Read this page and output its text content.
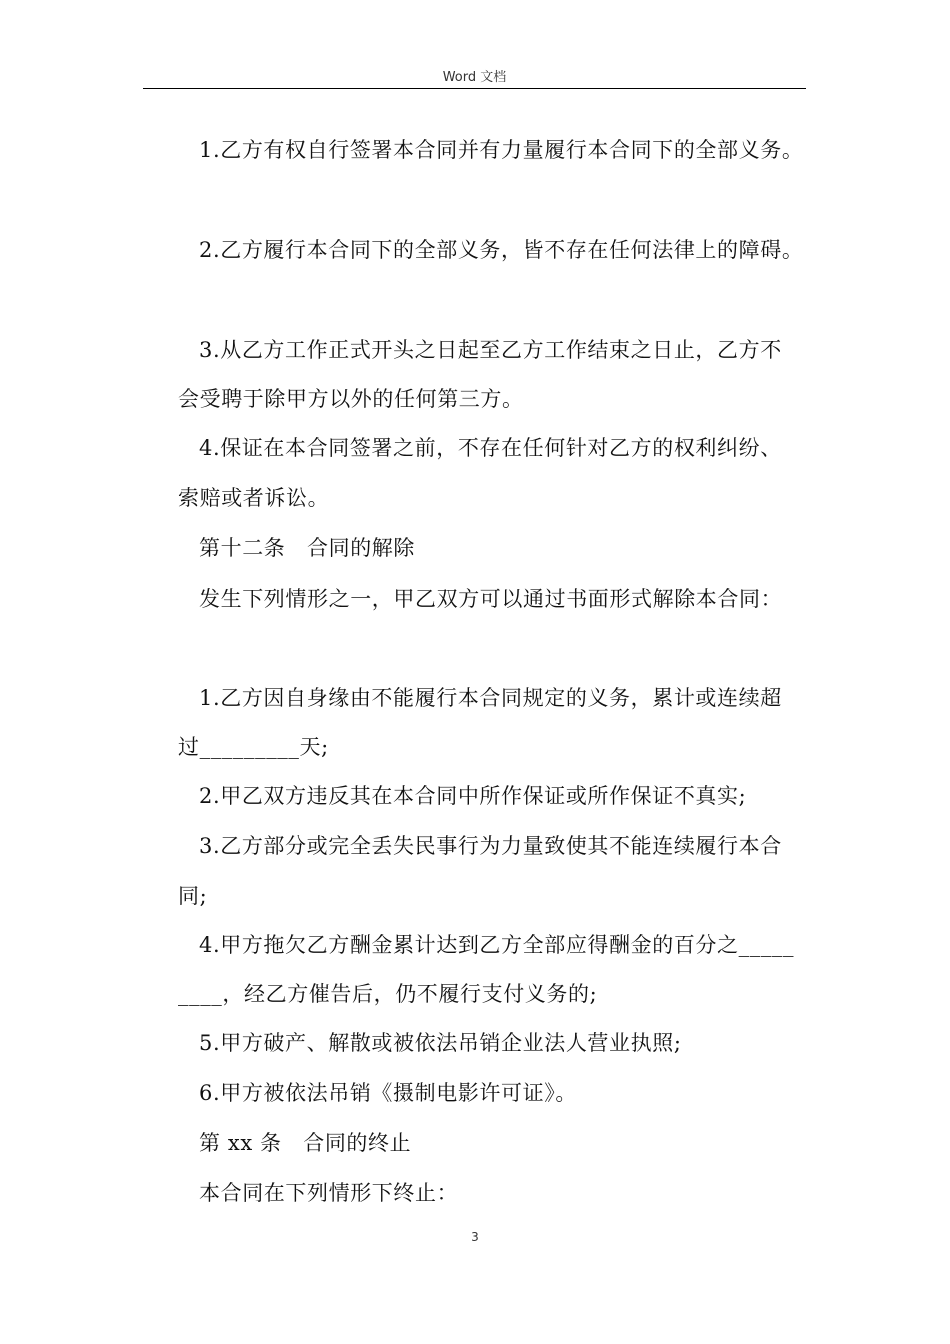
Word 文档
1.乙方有权自行签署本合同并有力量履行本合同下的全部义务。
2.乙方履行本合同下的全部义务，皆不存在任何法律上的障碍。
3.从乙方工作正式开头之日起至乙方工作结束之日止，乙方不
会受聘于除甲方以外的任何第三方。
4.保证在本合同签署之前，不存在任何针对乙方的权利纠纷、
索赔或者诉讼。
第十二条　合同的解除
发生下列情形之一，甲乙双方可以通过书面形式解除本合同：
1.乙方因自身缘由不能履行本合同规定的义务，累计或连续超
过_________天;
2.甲乙双方违反其在本合同中所作保证或所作保证不真实;
3.乙方部分或完全丢失民事行为力量致使其不能连续履行本合
同;
4.甲方拖欠乙方酬金累计达到乙方全部应得酬金的百分之_____
____，经乙方催告后，仍不履行支付义务的;
5.甲方破产、解散或被依法吊销企业法人营业执照;
6.甲方被依法吊销《摄制电影许可证》。
第 xx 条　合同的终止
本合同在下列情形下终止：
3
